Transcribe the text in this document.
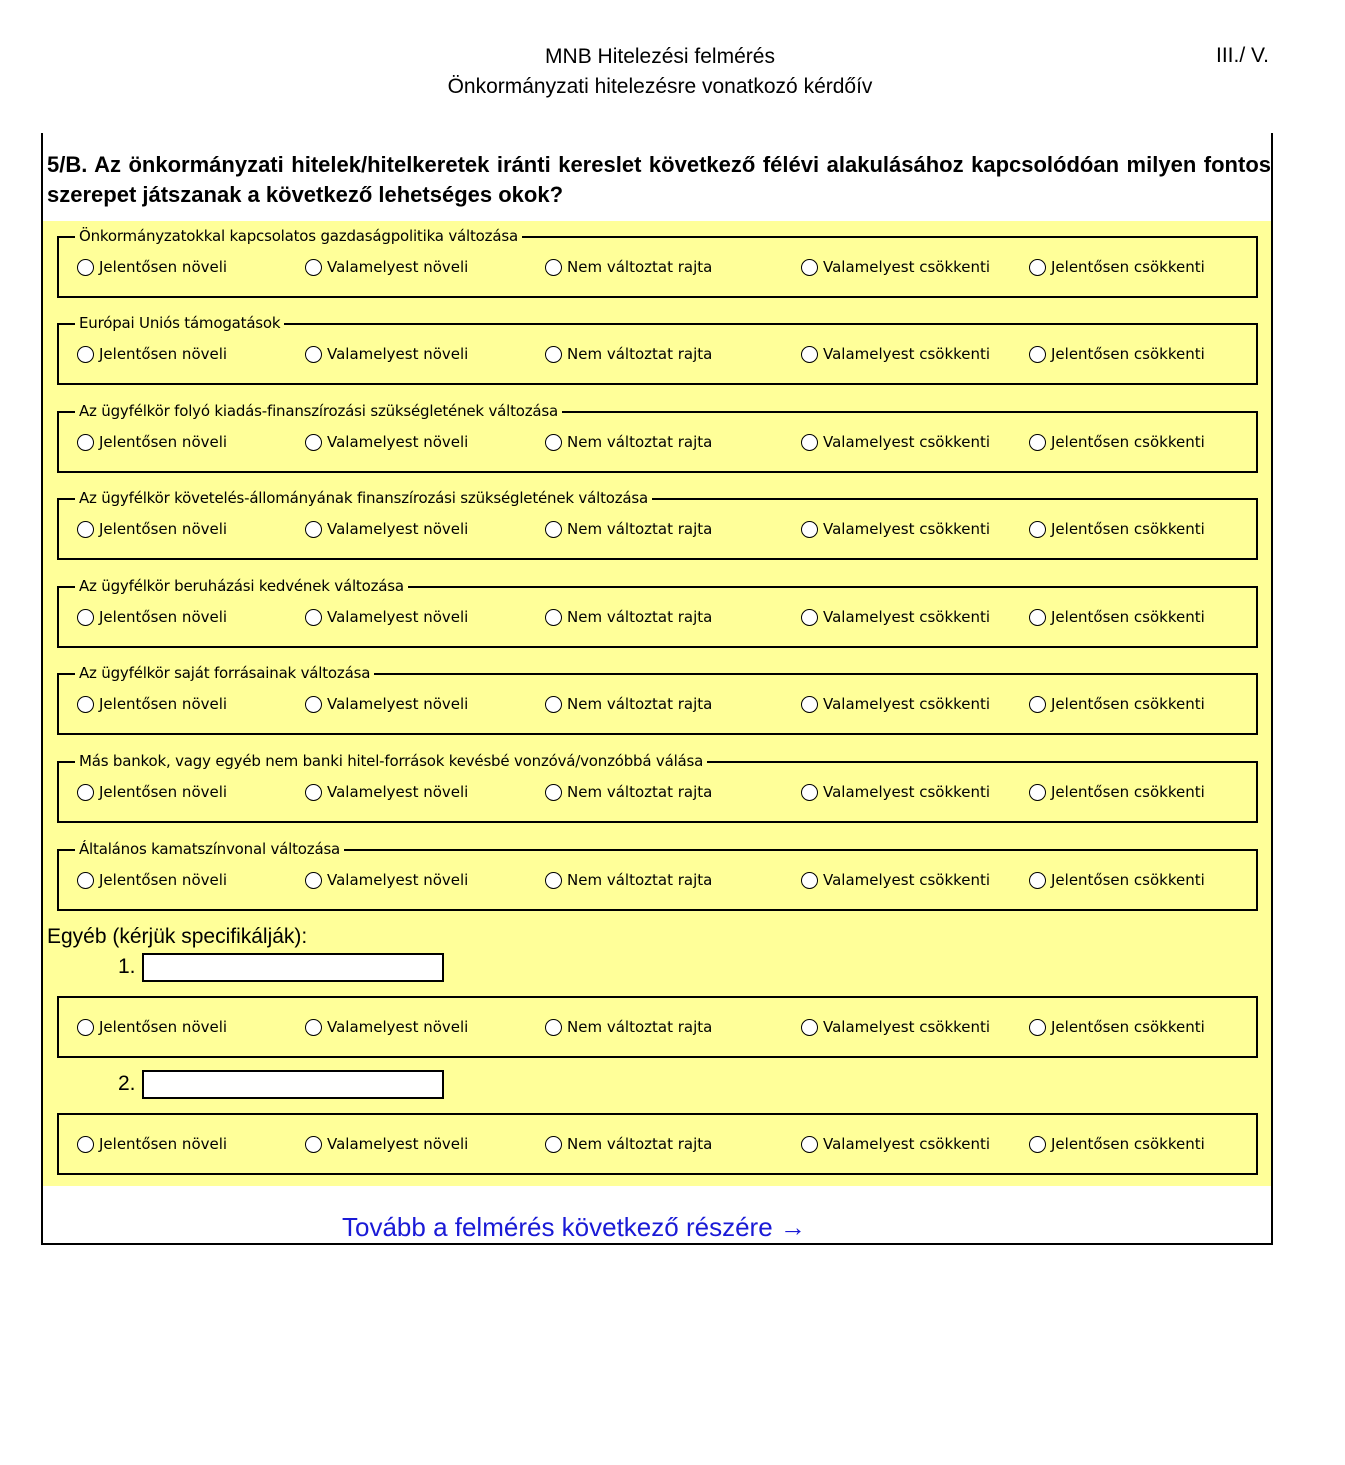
MNB Hitelezési felmérés
Önkormányzati hitelezésre vonatkozó kérdőív
III./ V.
5/B. Az önkormányzati hitelek/hitelkeretek iránti kereslet következő félévi alakulásához kapcsolódóan milyen fontos szerepet játszanak a következő lehetséges okok?
Önkormányzatokkal kapcsolatos gazdaságpolitika változása
Jelentősen növeli	Valamelyest növeli	Nem változtat rajta	Valamelyest csökkenti	Jelentősen csökkenti
Európai Uniós támogatások
Jelentősen növeli	Valamelyest növeli	Nem változtat rajta	Valamelyest csökkenti	Jelentősen csökkenti
Az ügyfélkör folyó kiadás-finanszírozási szükségletének változása
Jelentősen növeli	Valamelyest növeli	Nem változtat rajta	Valamelyest csökkenti	Jelentősen csökkenti
Az ügyfélkör követelés-állományának finanszírozási szükségletének változása
Jelentősen növeli	Valamelyest növeli	Nem változtat rajta	Valamelyest csökkenti	Jelentősen csökkenti
Az ügyfélkör beruházási kedvének változása
Jelentősen növeli	Valamelyest növeli	Nem változtat rajta	Valamelyest csökkenti	Jelentősen csökkenti
Az ügyfélkör saját forrásainak változása
Jelentősen növeli	Valamelyest növeli	Nem változtat rajta	Valamelyest csökkenti	Jelentősen csökkenti
Más bankok, vagy egyéb nem banki hitel-források kevésbé vonzóvá/vonzóbbá válása
Jelentősen növeli	Valamelyest növeli	Nem változtat rajta	Valamelyest csökkenti	Jelentősen csökkenti
Általános kamatszínvonal változása
Jelentősen növeli	Valamelyest növeli	Nem változtat rajta	Valamelyest csökkenti	Jelentősen csökkenti
Egyéb (kérjük specifikálják):
1.
2.
Jelentősen növeli	Valamelyest növeli	Nem változtat rajta	Valamelyest csökkenti	Jelentősen csökkenti
Jelentősen növeli	Valamelyest növeli	Nem változtat rajta	Valamelyest csökkenti	Jelentősen csökkenti
Tovább a felmérés következő részére →
